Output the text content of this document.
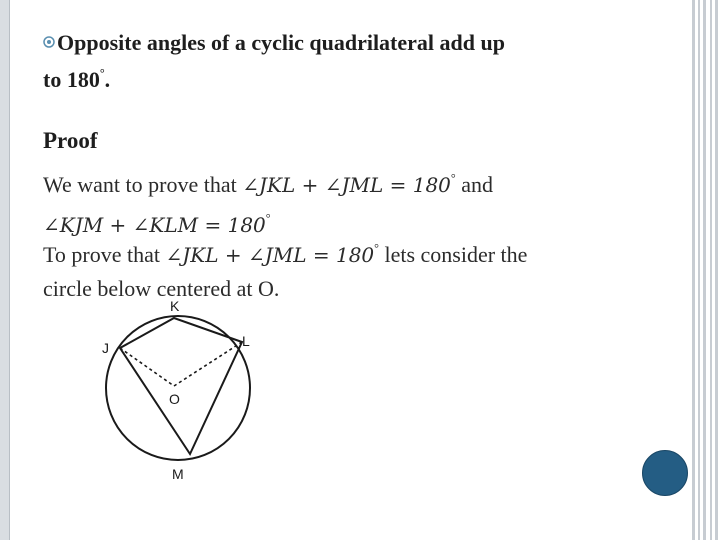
Opposite angles of a cyclic quadrilateral add up
to 180°.
Proof
We want to prove that ∠JKL + ∠JML = 180° and
∠KJM + ∠KLM = 180°
To prove that ∠JKL + ∠JML = 180° lets consider the
circle below centered at O.
K
L
J
O
M
